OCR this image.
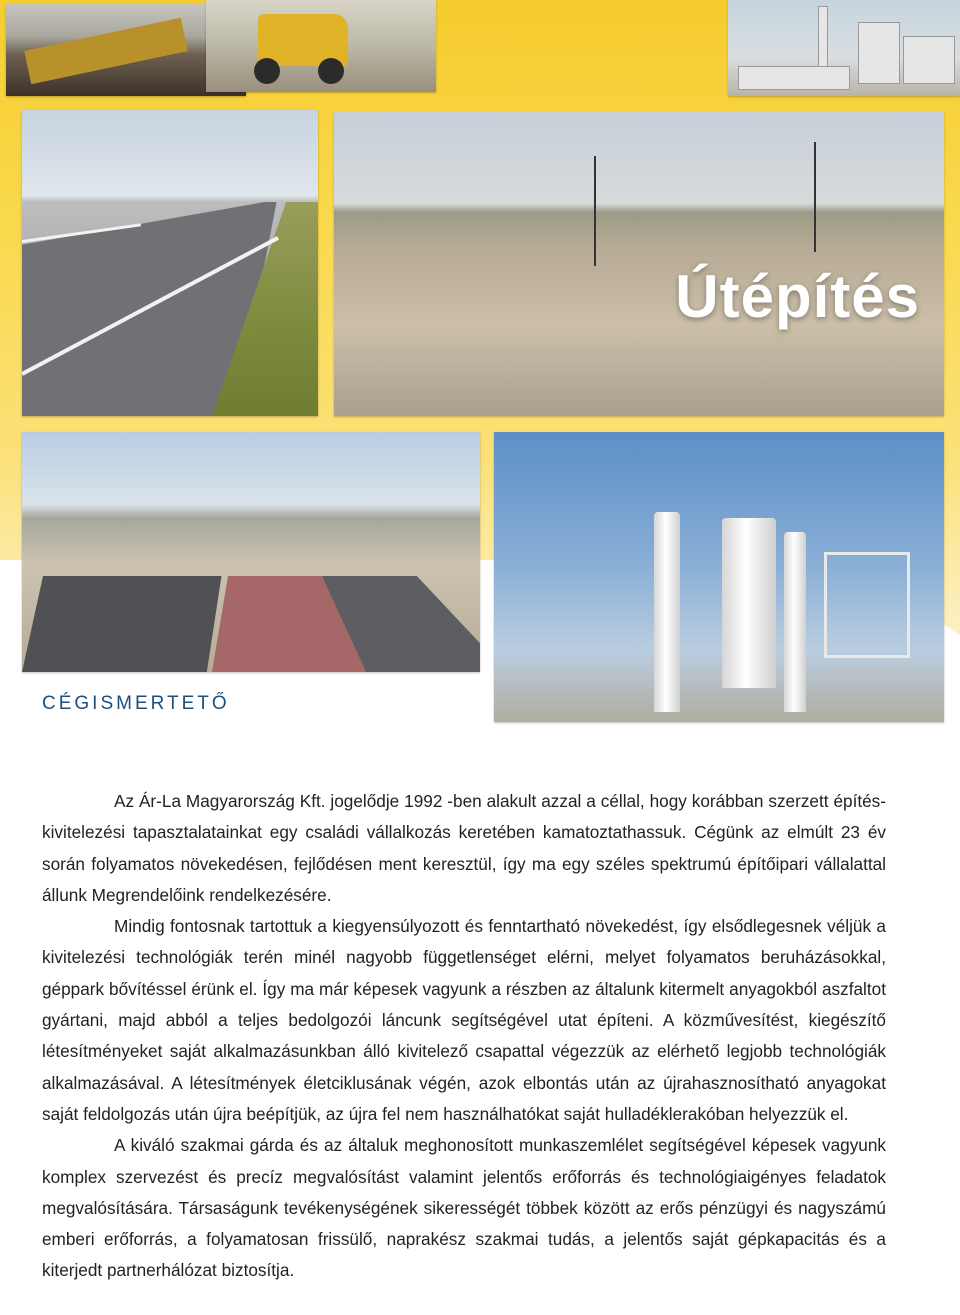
Útépítés
CÉGISMERTETŐ

Az Ár-La Magyarország Kft. jogelődje 1992 -ben alakult azzal a céllal, hogy korábban szerzett építés-kivitelezési tapasztalatainkat egy családi vállalkozás keretében kamatoztathassuk. Cégünk az elmúlt 23 év során folyamatos növekedésen, fejlődésen ment keresztül, így ma egy széles spektrumú építőipari vállalattal állunk Megrendelőink rendelkezésére.

Mindig fontosnak tartottuk a kiegyensúlyozott és fenntartható növekedést, így elsődlegesnek véljük a kivitelezési technológiák terén minél nagyobb függetlenséget elérni, melyet folyamatos beruházásokkal, géppark bővítéssel érünk el. Így ma már képesek vagyunk a részben az általunk kitermelt anyagokból aszfaltot gyártani, majd abból a teljes bedolgozói láncunk segítségével utat építeni. A közművesítést, kiegészítő létesítményeket saját alkalmazásunkban álló kivitelező csapattal végezzük az elérhető legjobb technológiák alkalmazásával. A létesítmények életciklusának végén, azok elbontás után az újrahasznosítható anyagokat saját feldolgozás után újra beépítjük, az újra fel nem használhatókat saját hulladéklerakóban helyezzük el.

A kiváló szakmai gárda és az általuk meghonosított munkaszemlélet segítségével képesek vagyunk komplex szervezést és precíz megvalósítást valamint jelentős erőforrás és technológiaigényes feladatok megvalósítására. Társaságunk tevékenységének sikerességét többek között az erős pénzügyi és nagyszámú emberi erőforrás, a folyamatosan frissülő, naprakész szakmai tudás, a jelentős saját gépkapacitás és a kiterjedt partnerhálózat biztosítja.
